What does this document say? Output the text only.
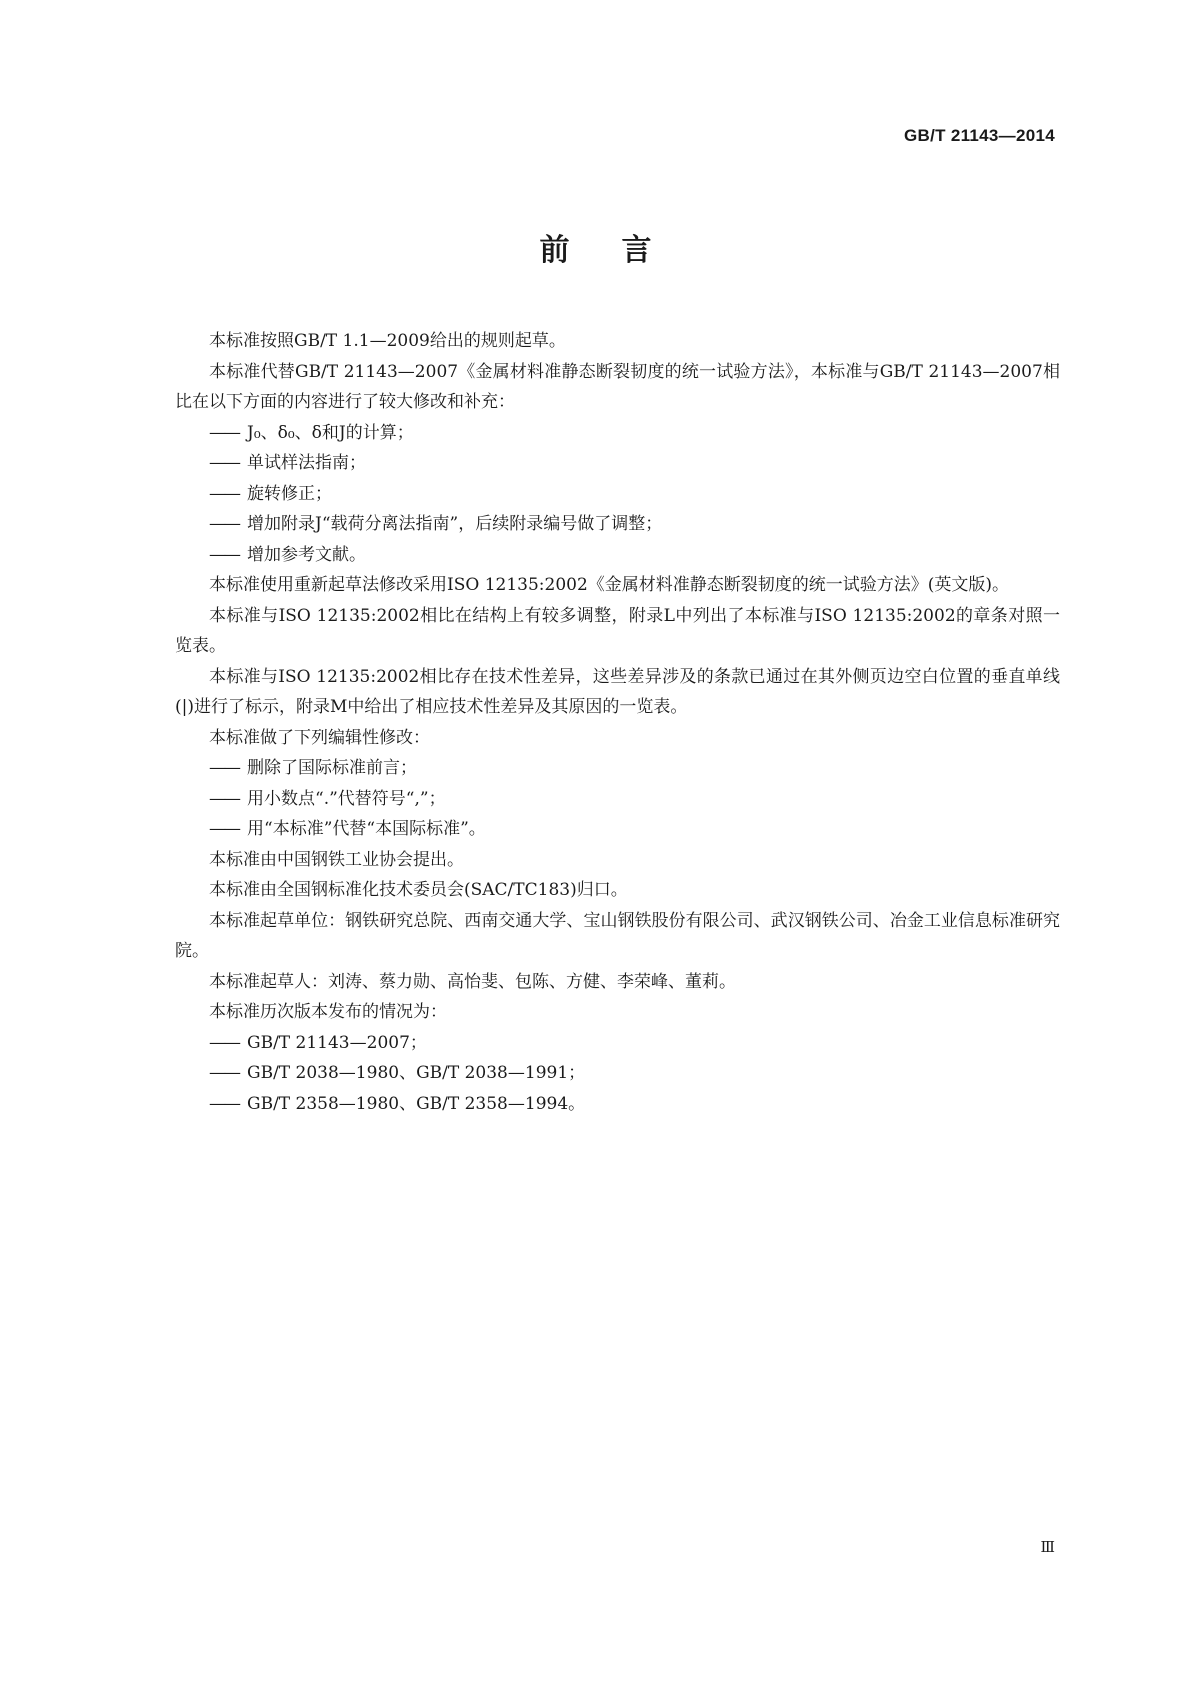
GB/T 21143—2014
前言

本标准按照GB/T 1.1—2009给出的规则起草。

本标准代替GB/T 21143—2007《金属材料准静态断裂韧度的统一试验方法》，本标准与GB/T 21143—2007相比在以下方面的内容进行了较大修改和补充：

—— J₀、δ₀、δ和J的计算；
—— 单试样法指南；
—— 旋转修正；
—— 增加附录J“载荷分离法指南”，后续附录编号做了调整；
—— 增加参考文献。

本标准使用重新起草法修改采用ISO 12135:2002《金属材料准静态断裂韧度的统一试验方法》(英文版)。

本标准与ISO 12135:2002相比在结构上有较多调整，附录L中列出了本标准与ISO 12135:2002的章条对照一览表。

本标准与ISO 12135:2002相比存在技术性差异，这些差异涉及的条款已通过在其外侧页边空白位置的垂直单线(|)进行了标示，附录M中给出了相应技术性差异及其原因的一览表。

本标准做了下列编辑性修改：

—— 删除了国际标准前言；
—— 用小数点“.”代替符号“,”；
—— 用“本标准”代替“本国际标准”。

本标准由中国钢铁工业协会提出。

本标准由全国钢标准化技术委员会(SAC/TC183)归口。

本标准起草单位：钢铁研究总院、西南交通大学、宝山钢铁股份有限公司、武汉钢铁公司、冶金工业信息标准研究院。

本标准起草人：刘涛、蔡力勋、高怡斐、包陈、方健、李荣峰、董莉。

本标准历次版本发布的情况为：

—— GB/T 21143—2007；
—— GB/T 2038—1980、GB/T 2038—1991；
—— GB/T 2358—1980、GB/T 2358—1994。
Ⅲ
